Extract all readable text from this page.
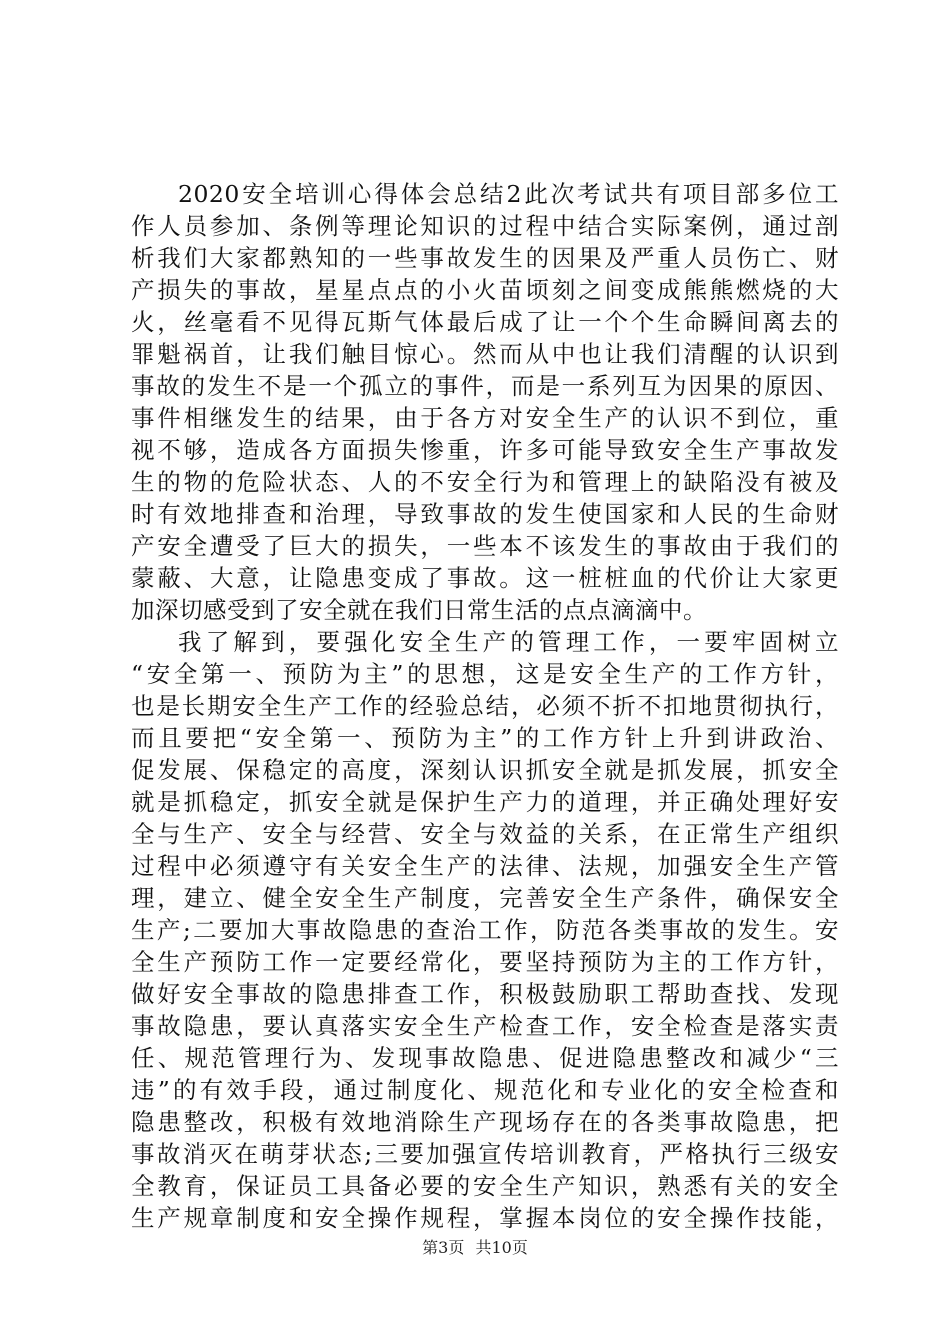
2020安全培训心得体会总结2此次考试共有项目部多位工
作人员参加、条例等理论知识的过程中结合实际案例，通过剖
析我们大家都熟知的一些事故发生的因果及严重人员伤亡、财
产损失的事故，星星点点的小火苗顷刻之间变成熊熊燃烧的大
火，丝毫看不见得瓦斯气体最后成了让一个个生命瞬间离去的
罪魁祸首，让我们触目惊心。然而从中也让我们清醒的认识到
事故的发生不是一个孤立的事件，而是一系列互为因果的原因、
事件相继发生的结果，由于各方对安全生产的认识不到位，重
视不够，造成各方面损失惨重，许多可能导致安全生产事故发
生的物的危险状态、人的不安全行为和管理上的缺陷没有被及
时有效地排查和治理，导致事故的发生使国家和人民的生命财
产安全遭受了巨大的损失，一些本不该发生的事故由于我们的
蒙蔽、大意，让隐患变成了事故。这一桩桩血的代价让大家更
加深切感受到了安全就在我们日常生活的点点滴滴中。

我了解到，要强化安全生产的管理工作，一要牢固树立
“安全第一、预防为主”的思想，这是安全生产的工作方针，
也是长期安全生产工作的经验总结，必须不折不扣地贯彻执行，
而且要把“安全第一、预防为主”的工作方针上升到讲政治、
促发展、保稳定的高度，深刻认识抓安全就是抓发展，抓安全
就是抓稳定，抓安全就是保护生产力的道理，并正确处理好安
全与生产、安全与经营、安全与效益的关系，在正常生产组织
过程中必须遵守有关安全生产的法律、法规，加强安全生产管
理，建立、健全安全生产制度，完善安全生产条件，确保安全
生产;二要加大事故隐患的查治工作，防范各类事故的发生。安
全生产预防工作一定要经常化，要坚持预防为主的工作方针，
做好安全事故的隐患排查工作，积极鼓励职工帮助查找、发现
事故隐患，要认真落实安全生产检查工作，安全检查是落实责
任、规范管理行为、发现事故隐患、促进隐患整改和减少“三
违”的有效手段，通过制度化、规范化和专业化的安全检查和
隐患整改，积极有效地消除生产现场存在的各类事故隐患，把
事故消灭在萌芽状态;三要加强宣传培训教育，严格执行三级安
全教育，保证员工具备必要的安全生产知识，熟悉有关的安全
生产规章制度和安全操作规程，掌握本岗位的安全操作技能，

第3页 共10页
